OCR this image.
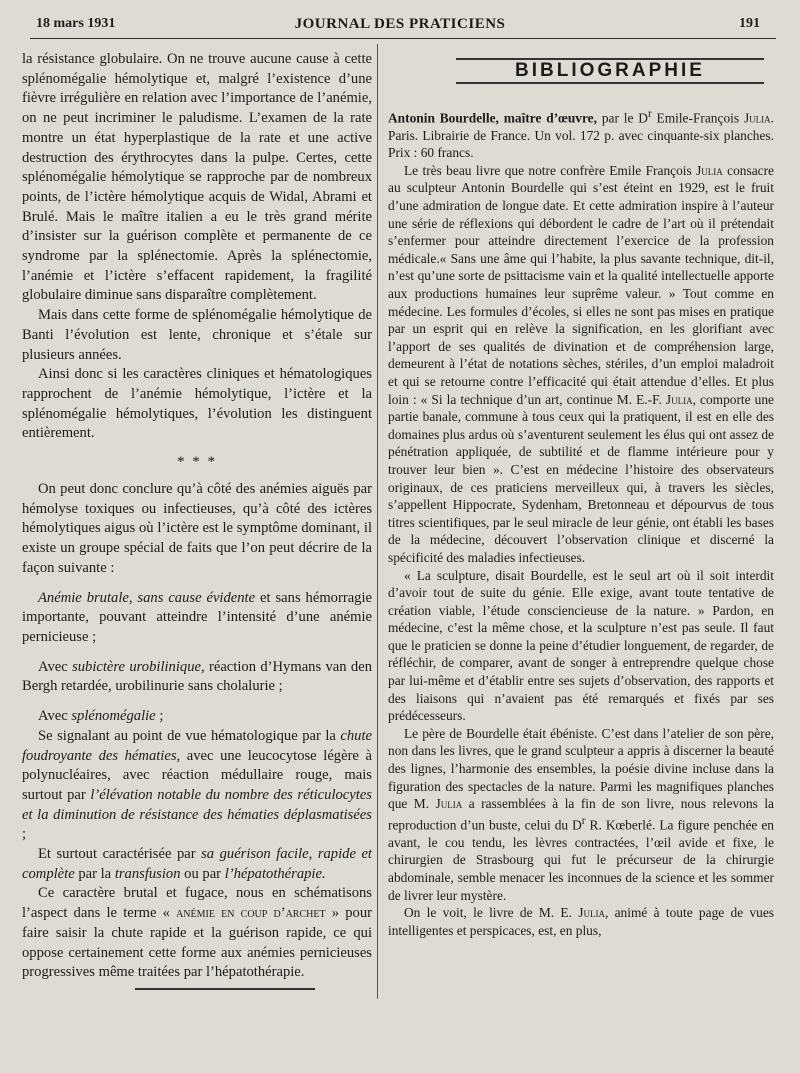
18 mars 1931	JOURNAL DES PRATICIENS	191

la résistance globulaire. On ne trouve aucune cause à cette splénomégalie hémolytique et, malgré l’existence d’une fièvre irrégulière en relation avec l’importance de l’anémie, on ne peut incriminer le paludisme. L’examen de la rate montre un état hyperplastique de la rate et une active destruction des érythrocytes dans la pulpe. Certes, cette splénomégalie hémolytique se rapproche par de nombreux points, de l’ictère hémolytique acquis de Widal, Abrami et Brulé. Mais le maître italien a eu le très grand mérite d’insister sur la guérison complète et permanente de ce syndrome par la splénectomie. Après la splénectomie, l’anémie et l’ictère s’effacent rapidement, la fragilité globulaire diminue sans disparaître complètement.

Mais dans cette forme de splénomégalie hémolytique de Banti l’évolution est lente, chronique et s’étale sur plusieurs années.

Ainsi donc si les caractères cliniques et hématologiques rapprochent de l’anémie hémolytique, l’ictère et la splénomégalie hémolytiques, l’évolution les distinguent entièrement.

* * *

On peut donc conclure qu’à côté des anémies aiguës par hémolyse toxiques ou infectieuses, qu’à côté des ictères hémolytiques aigus où l’ictère est le symptôme dominant, il existe un groupe spécial de faits que l’on peut décrire de la façon suivante :

Anémie brutale, sans cause évidente et sans hémorragie importante, pouvant atteindre l’intensité d’une anémie pernicieuse ;

Avec subictère urobilinique, réaction d’Hymans van den Bergh retardée, urobilinurie sans cholalurie ;

Avec splénomégalie ;

Se signalant au point de vue hématologique par la chute foudroyante des hématies, avec une leucocytose légère à polynucléaires, avec réaction médullaire rouge, mais surtout par l’élévation notable du nombre des réticulocytes et la diminution de résistance des hématies déplasmatisées ;

Et surtout caractérisée par sa guérison facile, rapide et complète par la transfusion ou par l’hépatothérapie.

Ce caractère brutal et fugace, nous en schématisons l’aspect dans le terme « anémie en coup d’archet » pour faire saisir la chute rapide et la guérison rapide, ce qui oppose certainement cette forme aux anémies pernicieuses progressives même traitées par l’hépatothérapie.

BIBLIOGRAPHIE

Antonin Bourdelle, maître d’œuvre, par le $D^r$ Emile-François Julia. Paris. Librairie de France. Un vol. 172 p. avec cinquante-six planches. Prix : 60 francs.

Le très beau livre que notre confrère Emile François Julia consacre au sculpteur Antonin Bourdelle qui s’est éteint en 1929, est le fruit d’une admiration de longue date. Et cette admiration inspire à l’auteur une série de réflexions qui débordent le cadre de l’art où il prétendait s’enfermer pour atteindre directement l’exercice de la profession médicale.« Sans une âme qui l’habite, la plus savante technique, dit-il, n’est qu’une sorte de psittacisme vain et la qualité intellectuelle apporte aux productions humaines leur suprême valeur. » Tout comme en médecine. Les formules d’écoles, si elles ne sont pas mises en pratique par un esprit qui en relève la signification, en les glorifiant avec l’apport de ses qualités de divination et de compréhension large, demeurent à l’état de notations sèches, stériles, d’un emploi maladroit et qui se retourne contre l’efficacité qui était attendue d’elles. Et plus loin : « Si la technique d’un art, continue M. E.-F. Julia, comporte une partie banale, commune à tous ceux qui la pratiquent, il est en elle des domaines plus ardus où s’aventurent seulement les élus qui ont assez de pénétration appliquée, de subtilité et de flamme intérieure pour y trouver leur bien ». C’est en médecine l’histoire des observateurs originaux, de ces praticiens merveilleux qui, à travers les siècles, s’appellent Hippocrate, Sydenham, Bretonneau et dépourvus de tous titres scientifiques, par le seul miracle de leur génie, ont établi les bases de la médecine, découvert l’observation clinique et discerné la spécificité des maladies infectieuses.

« La sculpture, disait Bourdelle, est le seul art où il soit interdit d’avoir tout de suite du génie. Elle exige, avant toute tentative de création viable, l’étude consciencieuse de la nature. » Pardon, en médecine, c’est la même chose, et la sculpture n’est pas seule. Il faut que le praticien se donne la peine d’étudier longuement, de regarder, de réfléchir, de comparer, avant de songer à entreprendre quelque chose par lui-même et d’établir entre ses sujets d’observation, des rapports et des liaisons qui n’avaient pas été remarqués et fixés par ses prédécesseurs.

Le père de Bourdelle était ébéniste. C’est dans l’atelier de son père, non dans les livres, que le grand sculpteur a appris à discerner la beauté des lignes, l’harmonie des ensembles, la poésie divine incluse dans la figuration des spectacles de la nature. Parmi les magnifiques planches que M. Julia a rassemblées à la fin de son livre, nous relevons la reproduction d’un buste, celui du $D^r$ R. Kœberlé. La figure penchée en avant, le cou tendu, les lèvres contractées, l’œil avide et fixe, le chirurgien de Strasbourg qui fut le précurseur de la chirurgie abdominale, semble menacer les inconnues de la science et les sommer de livrer leur mystère.

On le voit, le livre de M. E. Julia, animé à toute page de vues intelligentes et perspicaces, est, en plus,
